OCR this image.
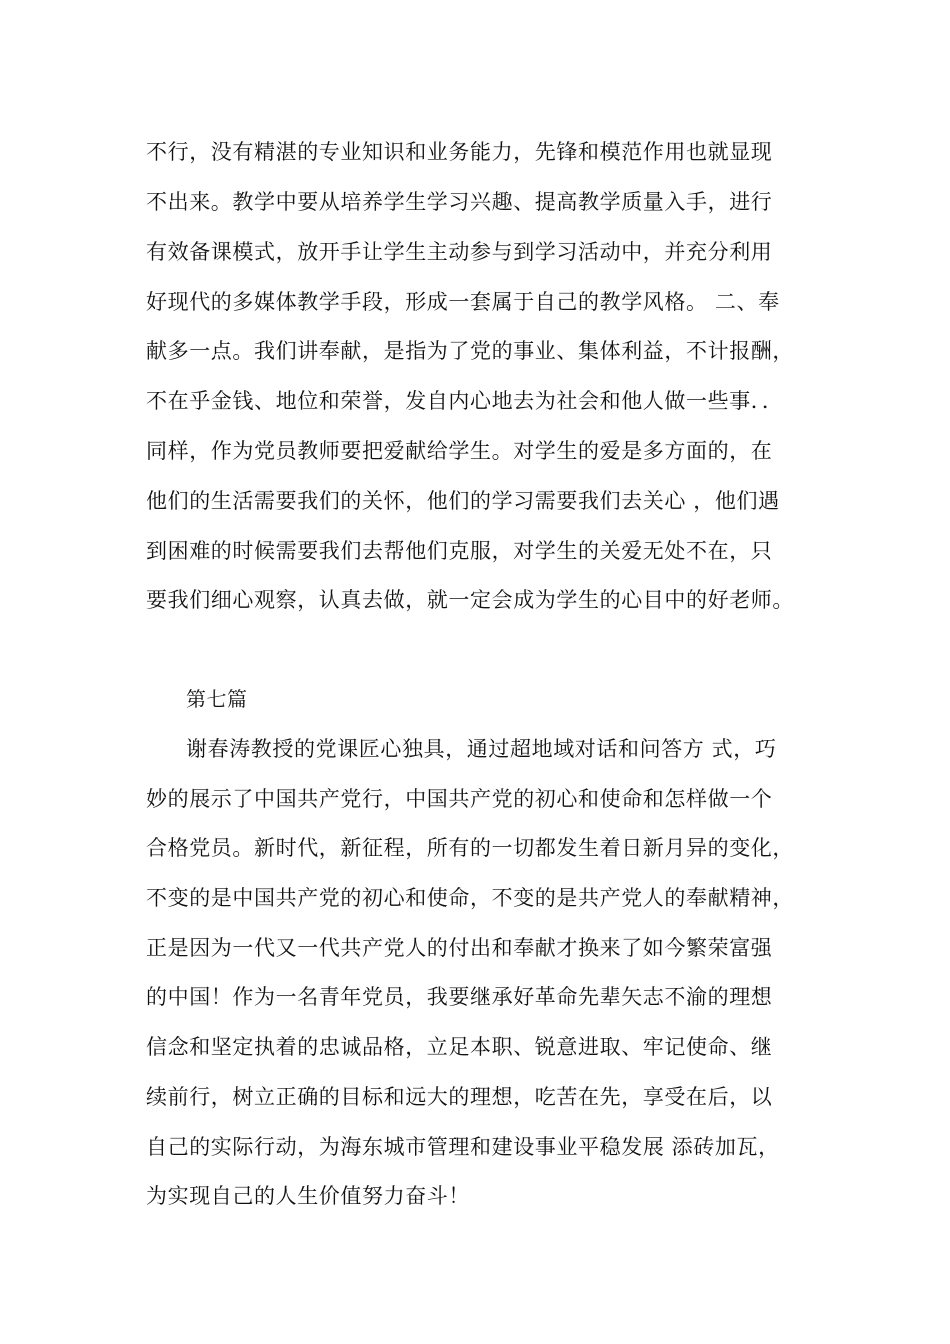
不行，没有精湛的专业知识和业务能力，先锋和模范作用也就显现
不出来。教学中要从培养学生学习兴趣、提高教学质量入手，进行
有效备课模式，放开手让学生主动参与到学习活动中，并充分利用
好现代的多媒体教学手段，形成一套属于自己的教学风格。 二、奉
献多一点。我们讲奉献，是指为了党的事业、集体利益，不计报酬，
不在乎金钱、地位和荣誉，发自内心地去为社会和他人做一些事．．
同样，作为党员教师要把爱献给学生。对学生的爱是多方面的，在
他们的生活需要我们的关怀，他们的学习需要我们去关心 ，他们遇
到困难的时候需要我们去帮他们克服，对学生的关爱无处不在，只
要我们细心观察，认真去做，就一定会成为学生的心目中的好老师。
第七篇
谢春涛教授的党课匠心独具，通过超地域对话和问答方 式，巧
妙的展示了中国共产党行，中国共产党的初心和使命和怎样做一个
合格党员。新时代，新征程，所有的一切都发生着日新月异的变化，
不变的是中国共产党的初心和使命，不变的是共产党人的奉献精神，
正是因为一代又一代共产党人的付出和奉献才换来了如今繁荣富强
的中国！作为一名青年党员，我要继承好革命先辈矢志不渝的理想
信念和坚定执着的忠诚品格，立足本职、锐意进取、牢记使命、继
续前行，树立正确的目标和远大的理想，吃苦在先，享受在后，以
自己的实际行动，为海东城市管理和建设事业平稳发展 添砖加瓦，
为实现自己的人生价值努力奋斗！
